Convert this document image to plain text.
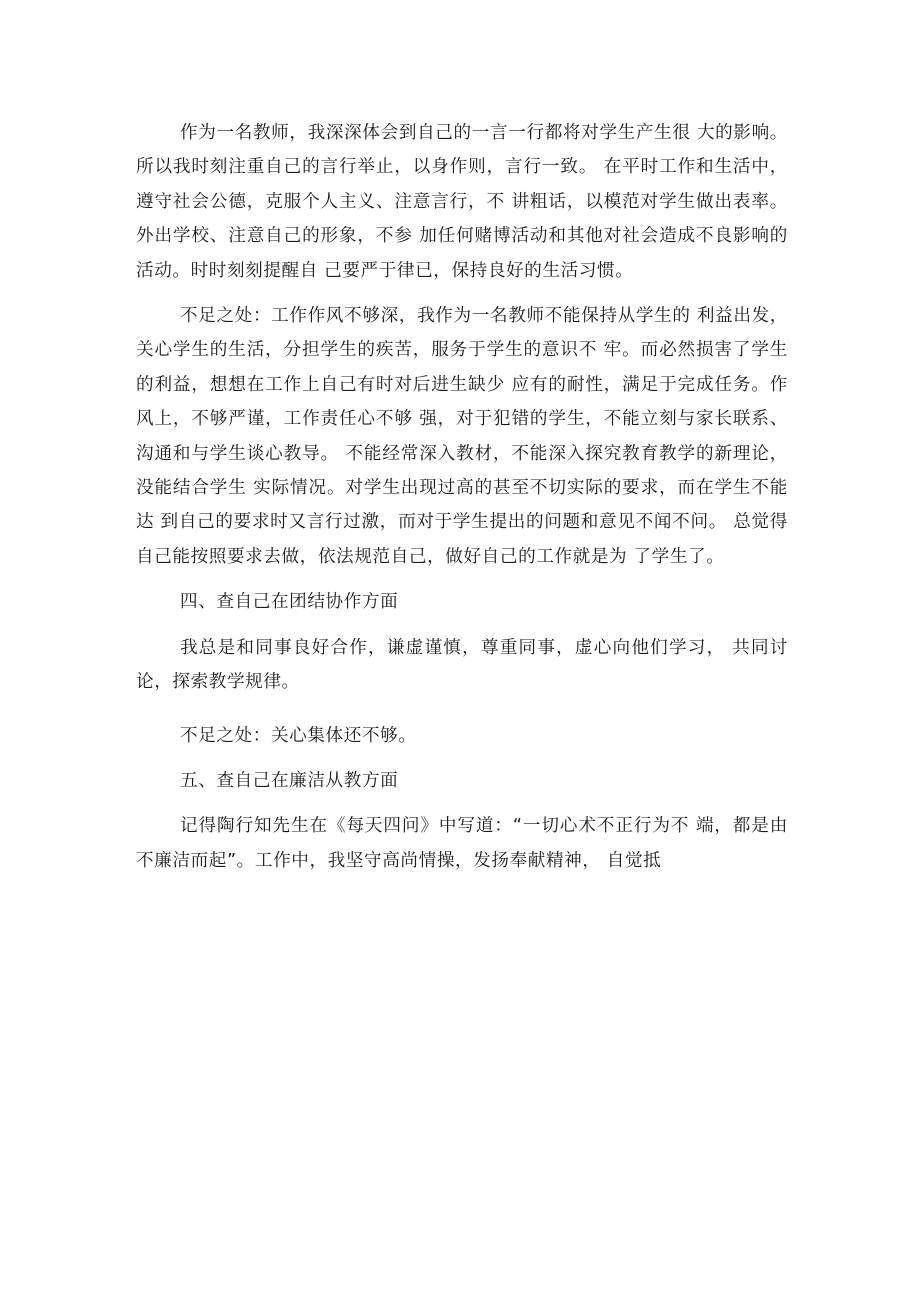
作为一名教师，我深深体会到自己的一言一行都将对学生产生很 大的影响。所以我时刻注重自己的言行举止，以身作则，言行一致。 在平时工作和生活中，遵守社会公德，克服个人主义、注意言行，不 讲粗话，以模范对学生做出表率。外出学校、注意自己的形象，不参 加任何赌博活动和其他对社会造成不良影响的活动。时时刻刻提醒自 己要严于律已，保持良好的生活习惯。

不足之处：工作作风不够深，我作为一名教师不能保持从学生的 利益出发，关心学生的生活，分担学生的疾苦，服务于学生的意识不 牢。而必然损害了学生的利益，想想在工作上自己有时对后进生缺少 应有的耐性，满足于完成任务。作风上，不够严谨，工作责任心不够 强，对于犯错的学生，不能立刻与家长联系、沟通和与学生谈心教导。 不能经常深入教材，不能深入探究教育教学的新理论，没能结合学生 实际情况。对学生出现过高的甚至不切实际的要求，而在学生不能达 到自己的要求时又言行过激，而对于学生提出的问题和意见不闻不问。 总觉得自己能按照要求去做，依法规范自己，做好自己的工作就是为 了学生了。

四、查自己在团结协作方面

我总是和同事良好合作，谦虚谨慎，尊重同事，虚心向他们学习， 共同讨论，探索教学规律。

不足之处：关心集体还不够。

五、查自己在廉洁从教方面

记得陶行知先生在《每天四问》中写道：“一切心术不正行为不 端，都是由不廉洁而起”。工作中，我坚守高尚情操，发扬奉献精神， 自觉抵
